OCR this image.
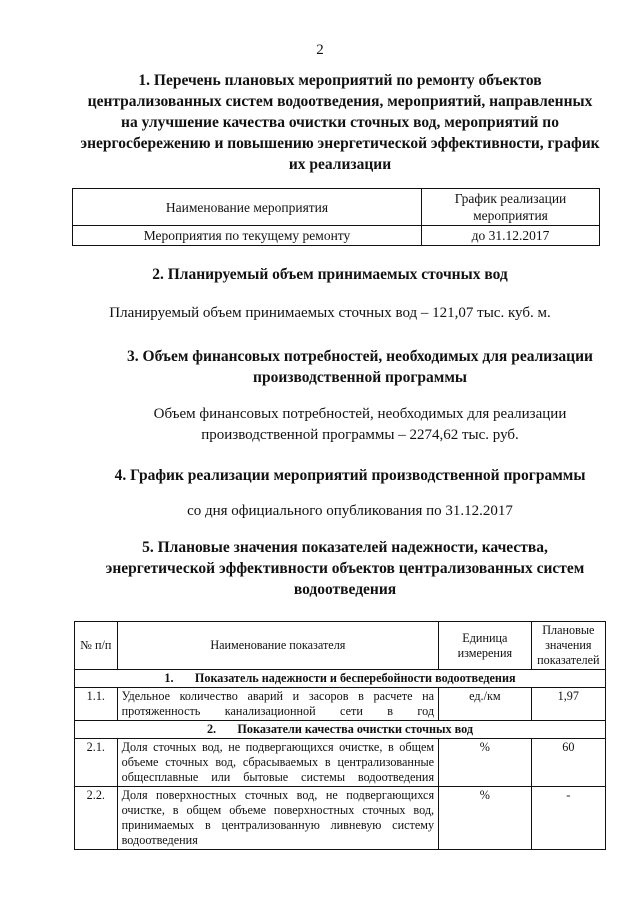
2
1. Перечень плановых мероприятий по ремонту объектов централизованных систем водоотведения, мероприятий, направленных на улучшение качества очистки сточных вод, мероприятий по энергосбережению и повышению энергетической эффективности, график их реализации
Наименование мероприятия	График реализации мероприятия
Мероприятия по текущему ремонту	до 31.12.2017
2. Планируемый объем принимаемых сточных вод
Планируемый объем принимаемых сточных вод – 121,07 тыс. куб. м.
3. Объем финансовых потребностей, необходимых для реализации производственной программы
Объем финансовых потребностей, необходимых для реализации производственной программы – 2274,62 тыс. руб.
4. График реализации мероприятий производственной программы
со дня официального опубликования по 31.12.2017
5. Плановые значения показателей надежности, качества, энергетической эффективности объектов централизованных систем водоотведения
№ п/п	Наименование показателя	Единица измерения	Плановые значения показателей
1. Показатель надежности и бесперебойности водоотведения			
1.1.	Удельное количество аварий и засоров в расчете на протяженность канализационной сети в год	ед./км	1,97
2. Показатели качества очистки сточных вод			
2.1.	Доля сточных вод, не подвергающихся очистке, в общем объеме сточных вод, сбрасываемых в централизованные общесплавные или бытовые системы водоотведения	%	60
2.2.	Доля поверхностных сточных вод, не подвергающихся очистке, в общем объеме поверхностных сточных вод, принимаемых в централизованную ливневую систему водоотведения	%	-
